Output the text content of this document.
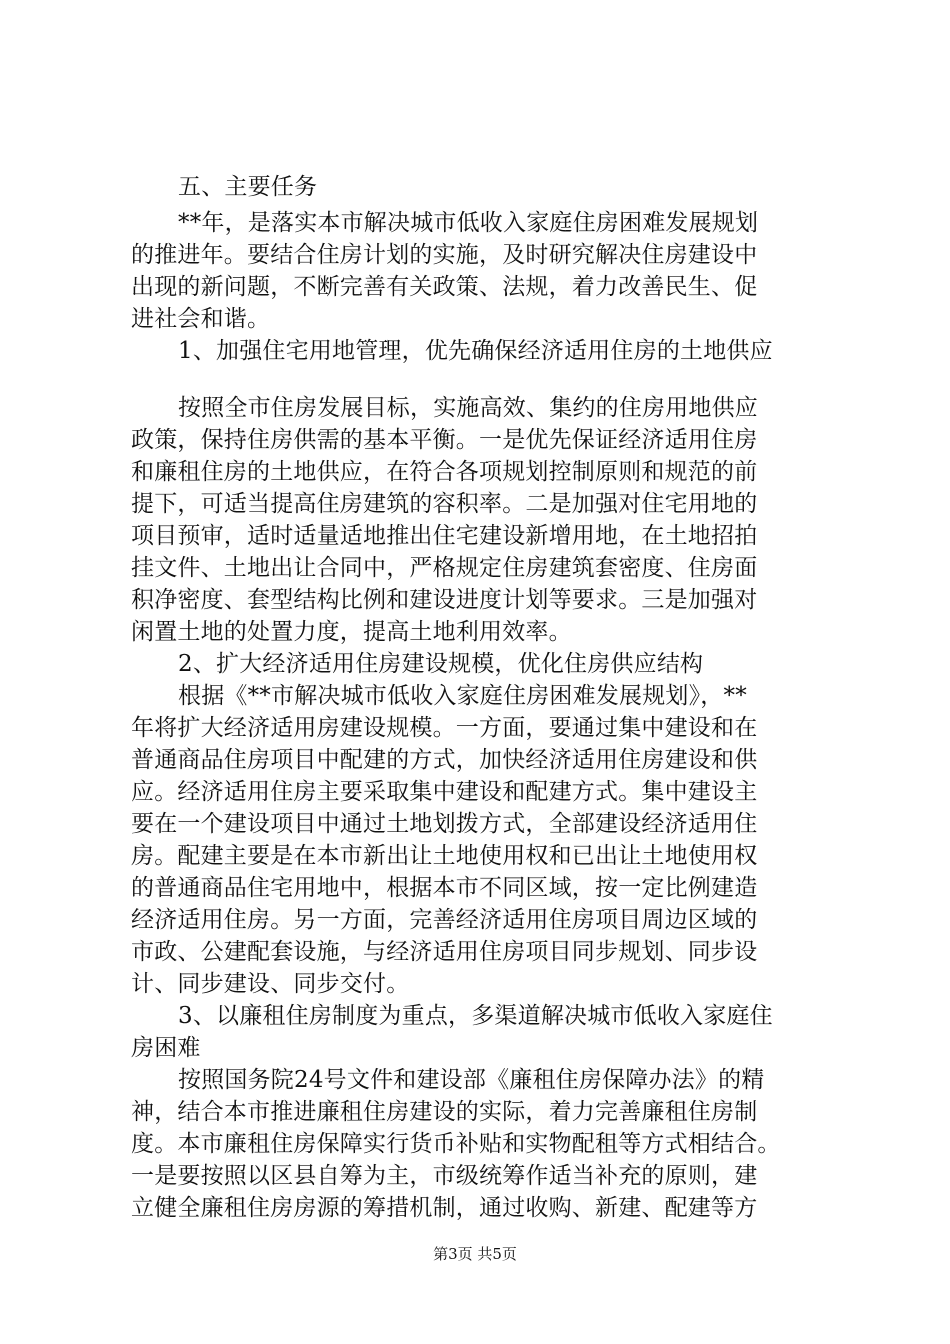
五、主要任务
**年，是落实本市解决城市低收入家庭住房困难发展规划
的推进年。要结合住房计划的实施，及时研究解决住房建设中
出现的新问题，不断完善有关政策、法规，着力改善民生、促
进社会和谐。
1、加强住宅用地管理，优先确保经济适用住房的土地供应
按照全市住房发展目标，实施高效、集约的住房用地供应
政策，保持住房供需的基本平衡。一是优先保证经济适用住房
和廉租住房的土地供应，在符合各项规划控制原则和规范的前
提下，可适当提高住房建筑的容积率。二是加强对住宅用地的
项目预审，适时适量适地推出住宅建设新增用地，在土地招拍
挂文件、土地出让合同中，严格规定住房建筑套密度、住房面
积净密度、套型结构比例和建设进度计划等要求。三是加强对
闲置土地的处置力度，提高土地利用效率。
2、扩大经济适用住房建设规模，优化住房供应结构
根据《**市解决城市低收入家庭住房困难发展规划》，**
年将扩大经济适用房建设规模。一方面，要通过集中建设和在
普通商品住房项目中配建的方式，加快经济适用住房建设和供
应。经济适用住房主要采取集中建设和配建方式。集中建设主
要在一个建设项目中通过土地划拨方式，全部建设经济适用住
房。配建主要是在本市新出让土地使用权和已出让土地使用权
的普通商品住宅用地中，根据本市不同区域，按一定比例建造
经济适用住房。另一方面，完善经济适用住房项目周边区域的
市政、公建配套设施，与经济适用住房项目同步规划、同步设
计、同步建设、同步交付。
3、以廉租住房制度为重点，多渠道解决城市低收入家庭住
房困难
按照国务院24号文件和建设部《廉租住房保障办法》的精
神，结合本市推进廉租住房建设的实际，着力完善廉租住房制
度。本市廉租住房保障实行货币补贴和实物配租等方式相结合。
一是要按照以区县自筹为主，市级统筹作适当补充的原则，建
立健全廉租住房房源的筹措机制，通过收购、新建、配建等方
第3页 共5页
